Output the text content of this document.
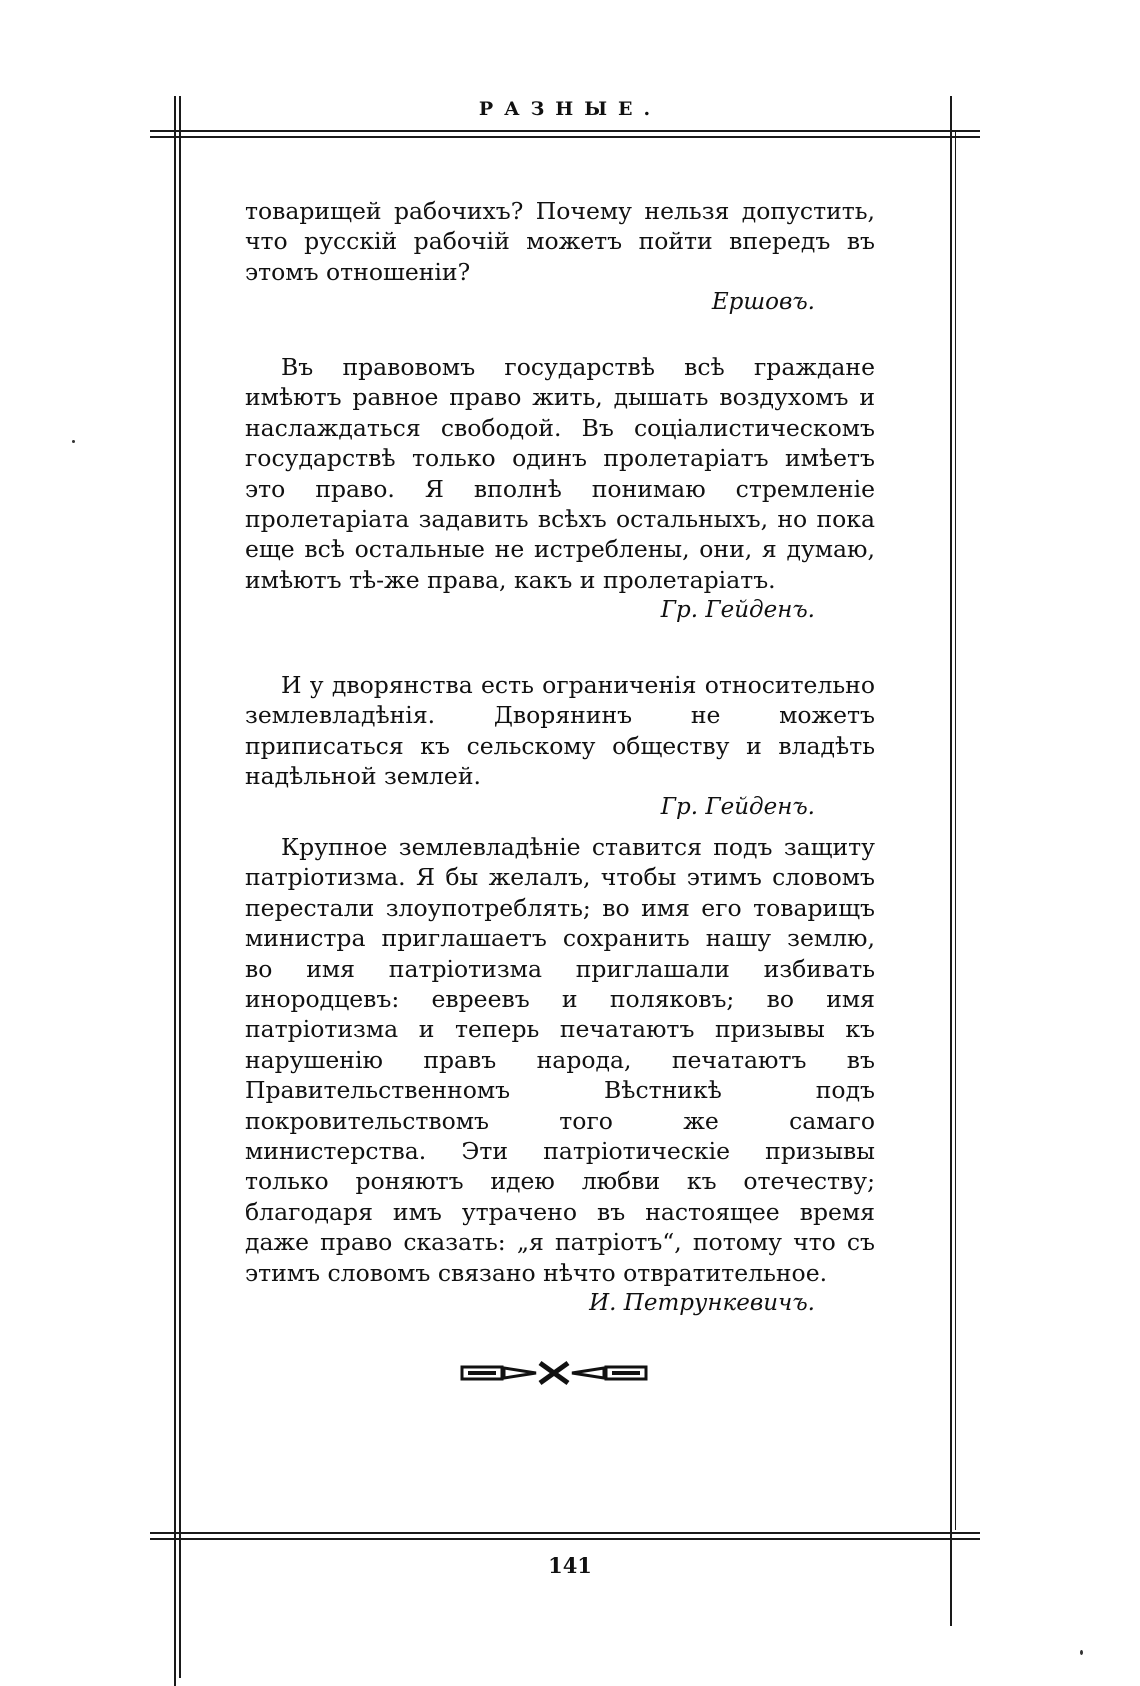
РАЗНЫЕ.

товарищей рабочихъ? Почему нельзя допустить, что русскій рабочій можетъ пойти впередъ въ этомъ отношеніи?

Ершовъ.

Въ правовомъ государствѣ всѣ граждане имѣютъ равное право жить, дышать воздухомъ и наслаждаться свободой. Въ соціалистическомъ государствѣ только одинъ пролетаріатъ имѣетъ это право. Я вполнѣ понимаю стремленіе пролетаріата задавить всѣхъ остальныхъ, но пока еще всѣ остальные не истреблены, они, я думаю, имѣютъ тѣ-же права, какъ и пролетаріатъ.

Гр. Гейденъ.

И у дворянства есть ограниченія относительно землевладѣнія. Дворянинъ не можетъ приписаться къ сельскому обществу и владѣть надѣльной землей.

Гр. Гейденъ.

Крупное землевладѣніе ставится подъ защиту патріотизма. Я бы желалъ, чтобы этимъ словомъ перестали злоупотреблять; во имя его товарищъ министра приглашаетъ сохранить нашу землю, во имя патріотизма приглашали избивать инородцевъ: евреевъ и поляковъ; во имя патріотизма и теперь печатаютъ призывы къ нарушенію правъ народа, печатаютъ въ Правительственномъ Вѣстникѣ подъ покровительствомъ того же самаго министерства. Эти патріотическіе призывы только роняютъ идею любви къ отечеству; благодаря имъ утрачено въ настоящее время даже право сказать: „я патріотъ“, потому что съ этимъ словомъ связано нѣчто отвратительное.

И. Петрункевичъ.
141
